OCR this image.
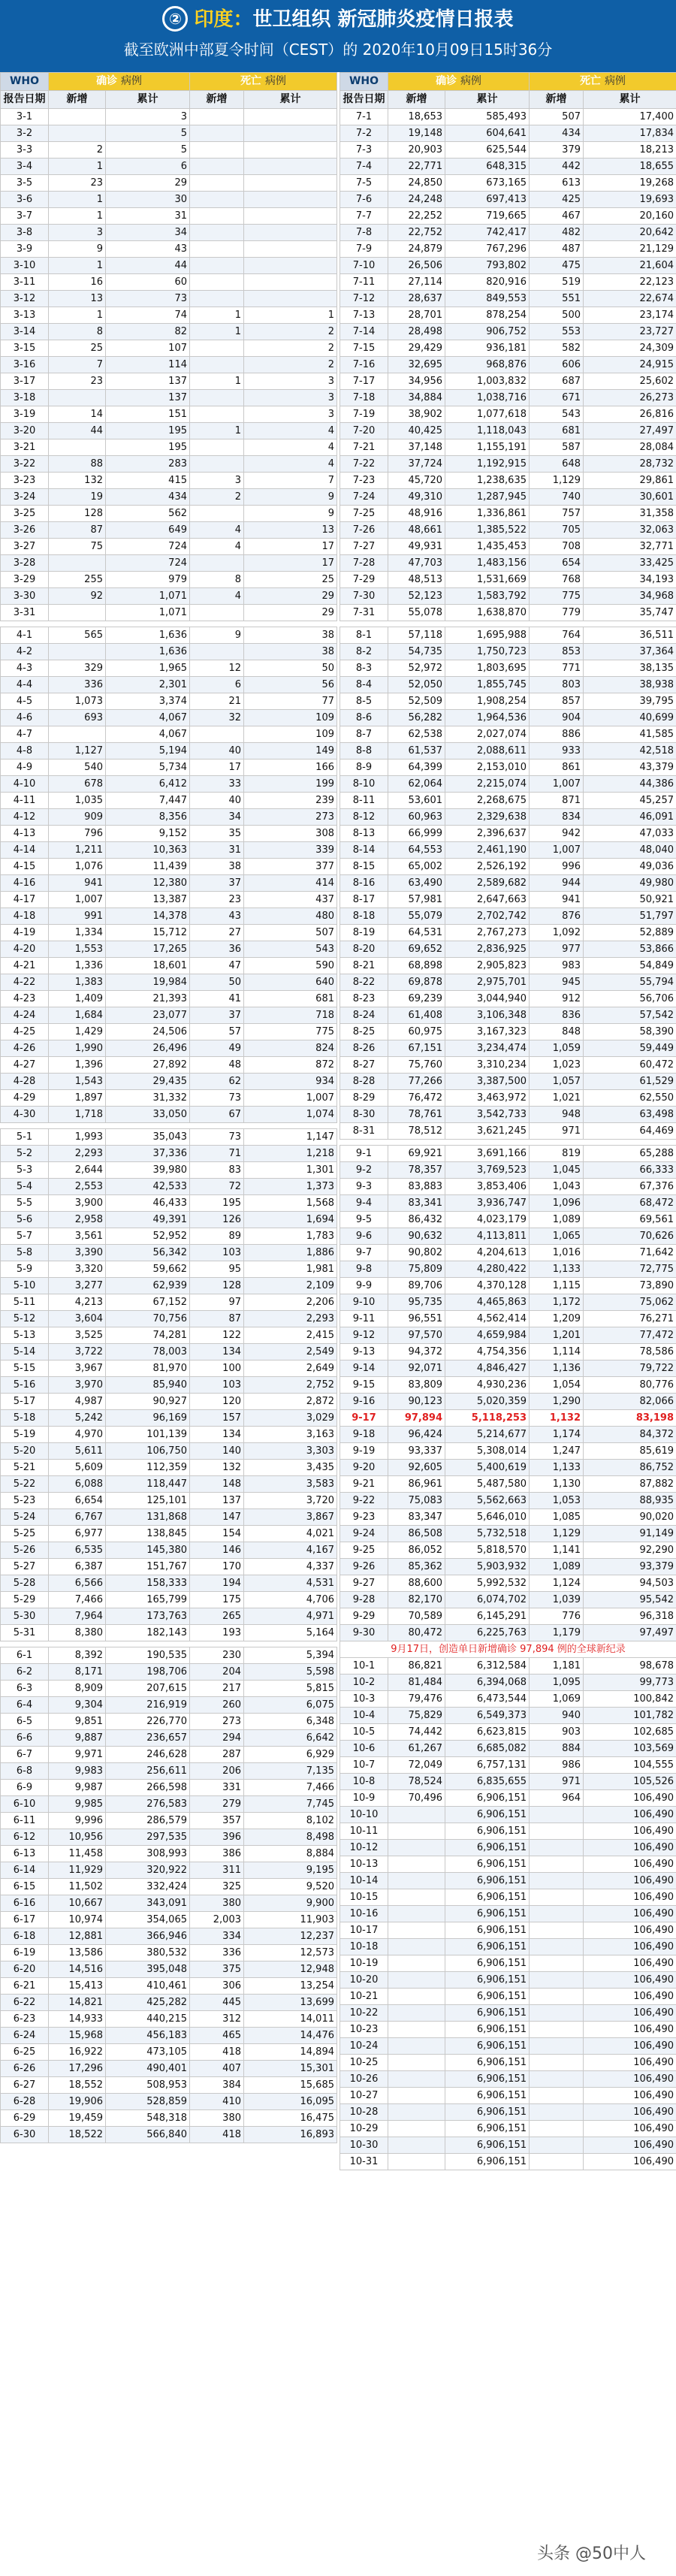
② 印度：世卫组织 新冠肺炎疫情日报表
截至欧洲中部夏令时间（CEST）的 2020年10月09日15时36分
WHO	确诊 病例		死亡 病例	
报告日期	新增	累计	新增	累计
3-1		3		
3-2		5		
3-3	2	5		
3-4	1	6		
3-5	23	29		
3-6	1	30		
3-7	1	31		
3-8	3	34		
3-9	9	43		
3-10	1	44		
3-11	16	60		
3-12	13	73		
3-13	1	74	1	1
3-14	8	82	1	2
3-15	25	107		2
3-16	7	114		2
3-17	23	137	1	3
3-18		137		3
3-19	14	151		3
3-20	44	195	1	4
3-21		195		4
3-22	88	283		4
3-23	132	415	3	7
3-24	19	434	2	9
3-25	128	562		9
3-26	87	649	4	13
3-27	75	724	4	17
3-28		724		17
3-29	255	979	8	25
3-30	92	1,071	4	29
3-31		1,071		29

4-1	565	1,636	9	38
4-2		1,636		38
4-3	329	1,965	12	50
4-4	336	2,301	6	56
4-5	1,073	3,374	21	77
4-6	693	4,067	32	109
4-7		4,067		109
4-8	1,127	5,194	40	149
4-9	540	5,734	17	166
4-10	678	6,412	33	199
4-11	1,035	7,447	40	239
4-12	909	8,356	34	273
4-13	796	9,152	35	308
4-14	1,211	10,363	31	339
4-15	1,076	11,439	38	377
4-16	941	12,380	37	414
4-17	1,007	13,387	23	437
4-18	991	14,378	43	480
4-19	1,334	15,712	27	507
4-20	1,553	17,265	36	543
4-21	1,336	18,601	47	590
4-22	1,383	19,984	50	640
4-23	1,409	21,393	41	681
4-24	1,684	23,077	37	718
4-25	1,429	24,506	57	775
4-26	1,990	26,496	49	824
4-27	1,396	27,892	48	872
4-28	1,543	29,435	62	934
4-29	1,897	31,332	73	1,007
4-30	1,718	33,050	67	1,074

5-1	1,993	35,043	73	1,147
5-2	2,293	37,336	71	1,218
5-3	2,644	39,980	83	1,301
5-4	2,553	42,533	72	1,373
5-5	3,900	46,433	195	1,568
5-6	2,958	49,391	126	1,694
5-7	3,561	52,952	89	1,783
5-8	3,390	56,342	103	1,886
5-9	3,320	59,662	95	1,981
5-10	3,277	62,939	128	2,109
5-11	4,213	67,152	97	2,206
5-12	3,604	70,756	87	2,293
5-13	3,525	74,281	122	2,415
5-14	3,722	78,003	134	2,549
5-15	3,967	81,970	100	2,649
5-16	3,970	85,940	103	2,752
5-17	4,987	90,927	120	2,872
5-18	5,242	96,169	157	3,029
5-19	4,970	101,139	134	3,163
5-20	5,611	106,750	140	3,303
5-21	5,609	112,359	132	3,435
5-22	6,088	118,447	148	3,583
5-23	6,654	125,101	137	3,720
5-24	6,767	131,868	147	3,867
5-25	6,977	138,845	154	4,021
5-26	6,535	145,380	146	4,167
5-27	6,387	151,767	170	4,337
5-28	6,566	158,333	194	4,531
5-29	7,466	165,799	175	4,706
5-30	7,964	173,763	265	4,971
5-31	8,380	182,143	193	5,164

6-1	8,392	190,535	230	5,394
6-2	8,171	198,706	204	5,598
6-3	8,909	207,615	217	5,815
6-4	9,304	216,919	260	6,075
6-5	9,851	226,770	273	6,348
6-6	9,887	236,657	294	6,642
6-7	9,971	246,628	287	6,929
6-8	9,983	256,611	206	7,135
6-9	9,987	266,598	331	7,466
6-10	9,985	276,583	279	7,745
6-11	9,996	286,579	357	8,102
6-12	10,956	297,535	396	8,498
6-13	11,458	308,993	386	8,884
6-14	11,929	320,922	311	9,195
6-15	11,502	332,424	325	9,520
6-16	10,667	343,091	380	9,900
6-17	10,974	354,065	2,003	11,903
6-18	12,881	366,946	334	12,237
6-19	13,586	380,532	336	12,573
6-20	14,516	395,048	375	12,948
6-21	15,413	410,461	306	13,254
6-22	14,821	425,282	445	13,699
6-23	14,933	440,215	312	14,011
6-24	15,968	456,183	465	14,476
6-25	16,922	473,105	418	14,894
6-26	17,296	490,401	407	15,301
6-27	18,552	508,953	384	15,685
6-28	19,906	528,859	410	16,095
6-29	19,459	548,318	380	16,475
6-30	18,522	566,840	418	16,893
WHO	确诊 病例		死亡 病例	
报告日期	新增	累计	新增	累计
7-1	18,653	585,493	507	17,400
7-2	19,148	604,641	434	17,834
7-3	20,903	625,544	379	18,213
7-4	22,771	648,315	442	18,655
7-5	24,850	673,165	613	19,268
7-6	24,248	697,413	425	19,693
7-7	22,252	719,665	467	20,160
7-8	22,752	742,417	482	20,642
7-9	24,879	767,296	487	21,129
7-10	26,506	793,802	475	21,604
7-11	27,114	820,916	519	22,123
7-12	28,637	849,553	551	22,674
7-13	28,701	878,254	500	23,174
7-14	28,498	906,752	553	23,727
7-15	29,429	936,181	582	24,309
7-16	32,695	968,876	606	24,915
7-17	34,956	1,003,832	687	25,602
7-18	34,884	1,038,716	671	26,273
7-19	38,902	1,077,618	543	26,816
7-20	40,425	1,118,043	681	27,497
7-21	37,148	1,155,191	587	28,084
7-22	37,724	1,192,915	648	28,732
7-23	45,720	1,238,635	1,129	29,861
7-24	49,310	1,287,945	740	30,601
7-25	48,916	1,336,861	757	31,358
7-26	48,661	1,385,522	705	32,063
7-27	49,931	1,435,453	708	32,771
7-28	47,703	1,483,156	654	33,425
7-29	48,513	1,531,669	768	34,193
7-30	52,123	1,583,792	775	34,968
7-31	55,078	1,638,870	779	35,747

8-1	57,118	1,695,988	764	36,511
8-2	54,735	1,750,723	853	37,364
8-3	52,972	1,803,695	771	38,135
8-4	52,050	1,855,745	803	38,938
8-5	52,509	1,908,254	857	39,795
8-6	56,282	1,964,536	904	40,699
8-7	62,538	2,027,074	886	41,585
8-8	61,537	2,088,611	933	42,518
8-9	64,399	2,153,010	861	43,379
8-10	62,064	2,215,074	1,007	44,386
8-11	53,601	2,268,675	871	45,257
8-12	60,963	2,329,638	834	46,091
8-13	66,999	2,396,637	942	47,033
8-14	64,553	2,461,190	1,007	48,040
8-15	65,002	2,526,192	996	49,036
8-16	63,490	2,589,682	944	49,980
8-17	57,981	2,647,663	941	50,921
8-18	55,079	2,702,742	876	51,797
8-19	64,531	2,767,273	1,092	52,889
8-20	69,652	2,836,925	977	53,866
8-21	68,898	2,905,823	983	54,849
8-22	69,878	2,975,701	945	55,794
8-23	69,239	3,044,940	912	56,706
8-24	61,408	3,106,348	836	57,542
8-25	60,975	3,167,323	848	58,390
8-26	67,151	3,234,474	1,059	59,449
8-27	75,760	3,310,234	1,023	60,472
8-28	77,266	3,387,500	1,057	61,529
8-29	76,472	3,463,972	1,021	62,550
8-30	78,761	3,542,733	948	63,498
8-31	78,512	3,621,245	971	64,469

9-1	69,921	3,691,166	819	65,288
9-2	78,357	3,769,523	1,045	66,333
9-3	83,883	3,853,406	1,043	67,376
9-4	83,341	3,936,747	1,096	68,472
9-5	86,432	4,023,179	1,089	69,561
9-6	90,632	4,113,811	1,065	70,626
9-7	90,802	4,204,613	1,016	71,642
9-8	75,809	4,280,422	1,133	72,775
9-9	89,706	4,370,128	1,115	73,890
9-10	95,735	4,465,863	1,172	75,062
9-11	96,551	4,562,414	1,209	76,271
9-12	97,570	4,659,984	1,201	77,472
9-13	94,372	4,754,356	1,114	78,586
9-14	92,071	4,846,427	1,136	79,722
9-15	83,809	4,930,236	1,054	80,776
9-16	90,123	5,020,359	1,290	82,066
9-17	97,894	5,118,253	1,132	83,198
9-18	96,424	5,214,677	1,174	84,372
9-19	93,337	5,308,014	1,247	85,619
9-20	92,605	5,400,619	1,133	86,752
9-21	86,961	5,487,580	1,130	87,882
9-22	75,083	5,562,663	1,053	88,935
9-23	83,347	5,646,010	1,085	90,020
9-24	86,508	5,732,518	1,129	91,149
9-25	86,052	5,818,570	1,141	92,290
9-26	85,362	5,903,932	1,089	93,379
9-27	88,600	5,992,532	1,124	94,503
9-28	82,170	6,074,702	1,039	95,542
9-29	70,589	6,145,291	776	96,318
9-30	80,472	6,225,763	1,179	97,497
9月17日，创造单日新增确诊 97,894 例的全球新纪录				
10-1	86,821	6,312,584	1,181	98,678
10-2	81,484	6,394,068	1,095	99,773
10-3	79,476	6,473,544	1,069	100,842
10-4	75,829	6,549,373	940	101,782
10-5	74,442	6,623,815	903	102,685
10-6	61,267	6,685,082	884	103,569
10-7	72,049	6,757,131	986	104,555
10-8	78,524	6,835,655	971	105,526
10-9	70,496	6,906,151	964	106,490
10-10		6,906,151		106,490
10-11		6,906,151		106,490
10-12		6,906,151		106,490
10-13		6,906,151		106,490
10-14		6,906,151		106,490
10-15		6,906,151		106,490
10-16		6,906,151		106,490
10-17		6,906,151		106,490
10-18		6,906,151		106,490
10-19		6,906,151		106,490
10-20		6,906,151		106,490
10-21		6,906,151		106,490
10-22		6,906,151		106,490
10-23		6,906,151		106,490
10-24		6,906,151		106,490
10-25		6,906,151		106,490
10-26		6,906,151		106,490
10-27		6,906,151		106,490
10-28		6,906,151		106,490
10-29		6,906,151		106,490
10-30		6,906,151		106,490
10-31		6,906,151		106,490
头条 @50中人
